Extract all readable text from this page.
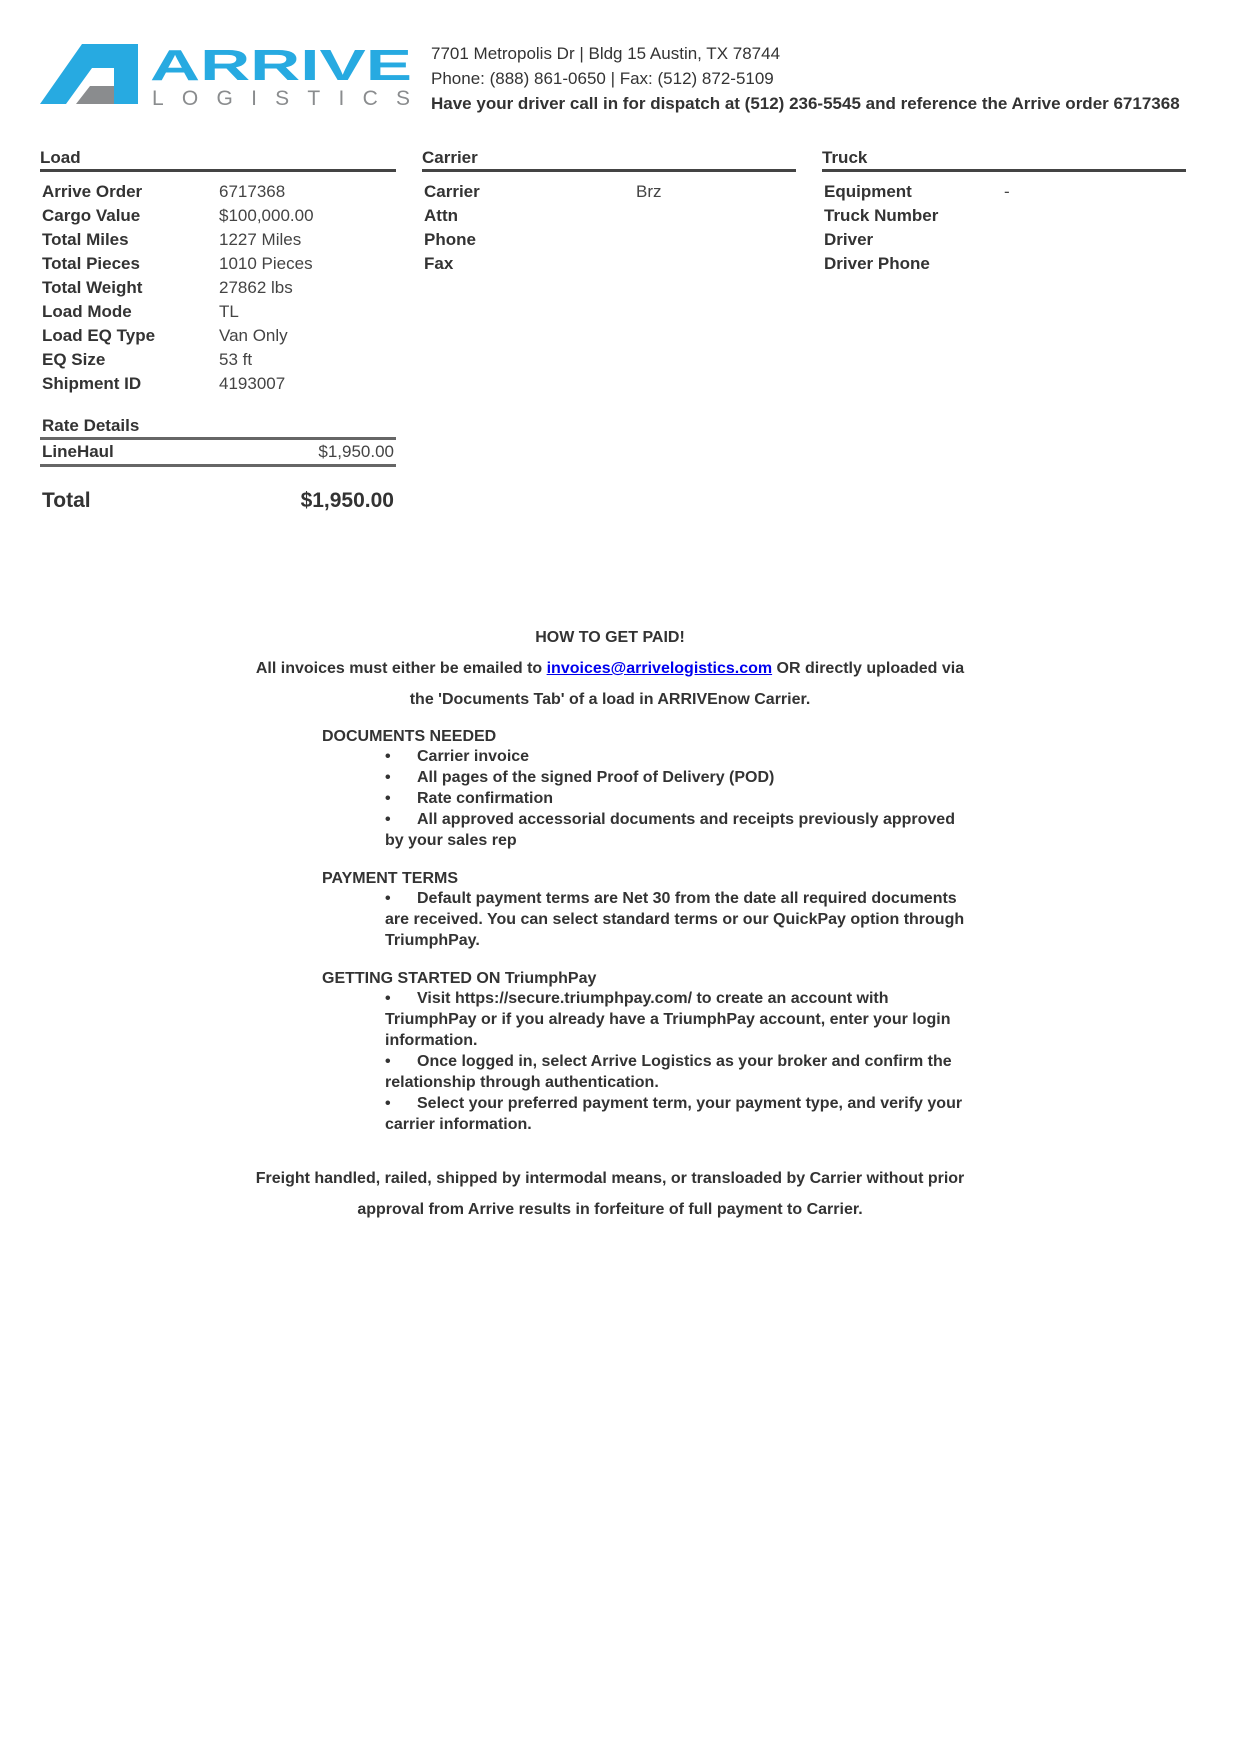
ARRIVE
LOGISTICS
7701 Metropolis Dr | Bldg 15 Austin, TX 78744
Phone: (888) 861-0650 | Fax: (512) 872-5109
Have your driver call in for dispatch at (512) 236-5545 and reference the Arrive order 6717368
Load
Arrive Order	6717368
Cargo Value	$100,000.00
Total Miles	1227 Miles
Total Pieces	1010 Pieces
Total Weight	27862 lbs
Load Mode	TL
Load EQ Type	Van Only
EQ Size	53 ft
Shipment ID	4193007
Rate Details
LineHaul	$1,950.00
Total	$1,950.00
Carrier
Carrier	Brz
Attn
Phone
Fax
Truck
Equipment	-
Truck Number
Driver
Driver Phone
HOW TO GET PAID!
All invoices must either be emailed to invoices@arrivelogistics.com OR directly uploaded via
the 'Documents Tab' of a load in ARRIVEnow Carrier.
DOCUMENTS NEEDED
• Carrier invoice
• All pages of the signed Proof of Delivery (POD)
• Rate confirmation
• All approved accessorial documents and receipts previously approved by your sales rep
PAYMENT TERMS
• Default payment terms are Net 30 from the date all required documents are received. You can select standard terms or our QuickPay option through TriumphPay.
GETTING STARTED ON TriumphPay
• Visit https://secure.triumphpay.com/ to create an account with TriumphPay or if you already have a TriumphPay account, enter your login information.
• Once logged in, select Arrive Logistics as your broker and confirm the relationship through authentication.
• Select your preferred payment term, your payment type, and verify your carrier information.
Freight handled, railed, shipped by intermodal means, or transloaded by Carrier without prior
approval from Arrive results in forfeiture of full payment to Carrier.
